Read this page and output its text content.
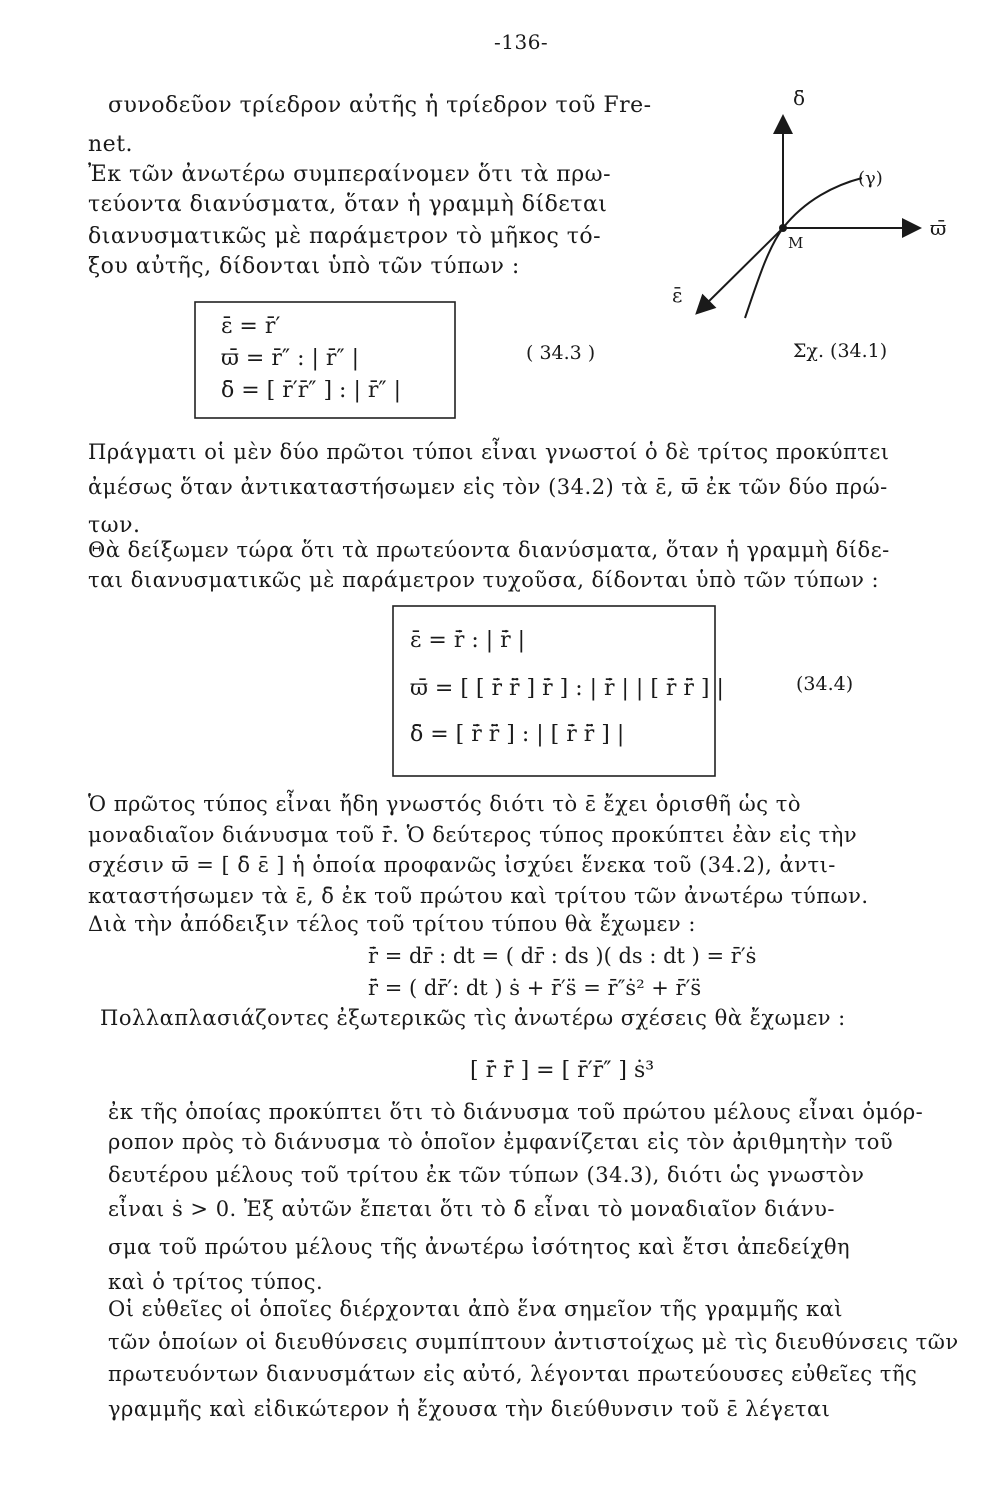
-136-
δ̄
(γ)
M
ϖ̄
ε̄
Σχ. (34.1)
συνοδεῦον τρίεδρον αὐτῆς ἡ τρίεδρον τοῦ Fre-
net.
Ἐκ τῶν ἀνωτέρω συμπεραίνομεν ὅτι τὰ πρω-
τεύοντα διανύσματα, ὅταν ἡ γραμμὴ δίδεται
διανυσματικῶς μὲ παράμετρον τὸ μῆκος τό-
ξου αὐτῆς, δίδονται ὑπὸ τῶν τύπων :
ε̄ = r̄′
ϖ̄ = r̄″ : | r̄″ |
δ̄ = [ r̄′r̄″ ] : | r̄″ |
( 34.3 )
Πράγματι οἱ μὲν δύο πρῶτοι τύποι εἶναι γνωστοί ὁ δὲ τρίτος προκύπτει
ἀμέσως ὅταν ἀντικαταστήσωμεν εἰς τὸν (34.2) τὰ ε̄, ϖ̄ ἐκ τῶν δύο πρώ-
των.
Θὰ δείξωμεν τώρα ὅτι τὰ πρωτεύοντα διανύσματα, ὅταν ἡ γραμμὴ δίδε-
ται διανυσματικῶς μὲ παράμετρον τυχοῦσα, δίδονται ὑπὸ τῶν τύπων :
ε̄ = ṙ̄ : | ṙ̄ |
ϖ̄ = [ [ ṙ̄ r̈̄ ] ṙ̄ ] : | ṙ̄ | | [ ṙ̄ r̈̄ ] |
δ̄ = [ ṙ̄ r̈̄ ] : | [ ṙ̄ r̈̄ ] |
(34.4)
Ὁ πρῶτος τύπος εἶναι ἤδη γνωστός διότι τὸ ε̄ ἔχει ὁρισθῆ ὡς τὸ
μοναδιαῖον διάνυσμα τοῦ ṙ̄. Ὁ δεύτερος τύπος προκύπτει ἐὰν εἰς τὴν
σχέσιν ϖ̄ = [ δ̄ ε̄ ] ἡ ὁποία προφανῶς ἰσχύει ἕνεκα τοῦ (34.2), ἀντι-
καταστήσωμεν τὰ ε̄, δ̄ ἐκ τοῦ πρώτου καὶ τρίτου τῶν ἀνωτέρω τύπων.
Διὰ τὴν ἀπόδειξιν τέλος τοῦ τρίτου τύπου θὰ ἔχωμεν :
ṙ̄ = dr̄ : dt = ( dr̄ : ds )( ds : dt ) = r̄′ṡ
r̈̄ = ( dr̄′: dt ) ṡ + r̄′s̈ = r̄″ṡ² + r̄′s̈
Πολλαπλασιάζοντες ἐξωτερικῶς τὶς ἀνωτέρω σχέσεις θὰ ἔχωμεν :
[ ṙ̄ r̈̄ ] = [ r̄′r̄″ ] ṡ³
ἐκ τῆς ὁποίας προκύπτει ὅτι τὸ διάνυσμα τοῦ πρώτου μέλους εἶναι ὁμόρ-
ροπον πρὸς τὸ διάνυσμα τὸ ὁποῖον ἐμφανίζεται εἰς τὸν ἀριθμητὴν τοῦ
δευτέρου μέλους τοῦ τρίτου ἐκ τῶν τύπων (34.3), διότι ὡς γνωστὸν
εἶναι ṡ > 0. Ἐξ αὐτῶν ἔπεται ὅτι τὸ δ̄ εἶναι τὸ μοναδιαῖον διάνυ-
σμα τοῦ πρώτου μέλους τῆς ἀνωτέρω ἰσότητος καὶ ἔτσι ἀπεδείχθη
καὶ ὁ τρίτος τύπος.
Οἱ εὐθεῖες οἱ ὁποῖες διέρχονται ἀπὸ ἕνα σημεῖον τῆς γραμμῆς καὶ
τῶν ὁποίων οἱ διευθύνσεις συμπίπτουν ἀντιστοίχως μὲ τὶς διευθύνσεις τῶν
πρωτευόντων διανυσμάτων εἰς αὐτό, λέγονται πρωτεύουσες εὐθεῖες τῆς
γραμμῆς καὶ εἰδικώτερον ἡ ἔχουσα τὴν διεύθυνσιν τοῦ ε̄ λέγεται
